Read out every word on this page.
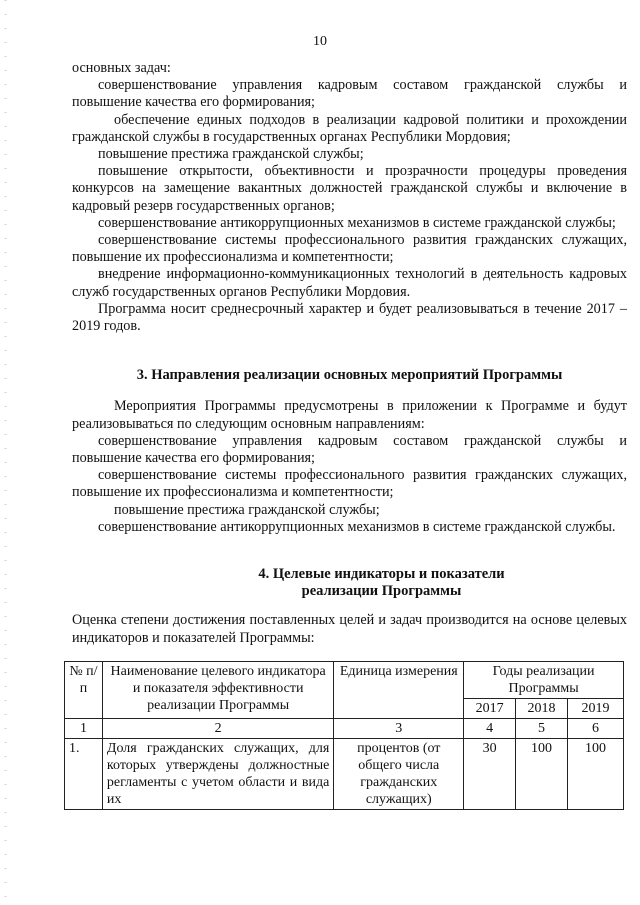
10

основных задач:

совершенствование управления кадровым составом гражданской службы и повышение качества его формирования;

обеспечение единых подходов в реализации кадровой политики и прохождении гражданской службы в государственных органах Республики Мордовия;

повышение престижа гражданской службы;

повышение открытости, объективности и прозрачности процедуры проведения конкурсов на замещение вакантных должностей гражданской службы и включение в кадровый резерв государственных органов;

совершенствование антикоррупционных механизмов в системе гражданской службы;

совершенствование системы профессионального развития гражданских служащих, повышение их профессионализма и компетентности;

внедрение информационно-коммуникационных технологий в деятельность кадровых служб государственных органов Республики Мордовия.

Программа носит среднесрочный характер и будет реализовываться в течение 2017 – 2019 годов.

3. Направления реализации основных мероприятий Программы

Мероприятия Программы предусмотрены в приложении к Программе и будут реализовываться по следующим основным направлениям:

совершенствование управления кадровым составом гражданской службы и повышение качества его формирования;

совершенствование системы профессионального развития гражданских служащих, повышение их профессионализма и компетентности;

повышение престижа гражданской службы;

совершенствование антикоррупционных механизмов в системе гражданской службы.

4. Целевые индикаторы и показатели

реализации Программы

Оценка степени достижения поставленных целей и задач производится на основе целевых индикаторов и показателей Программы:

№ п/п	Наименование целевого индикатора и показателя эффективности реализации Программы	Единица измерения	Годы реализации Программы		
			2017	2018	2019
1	2	3	4	5	6
1.	Доля гражданских служащих, для которых утверждены должностные регламенты с учетом области и вида их	процентов (от общего числа гражданских служащих)	30	100	100
